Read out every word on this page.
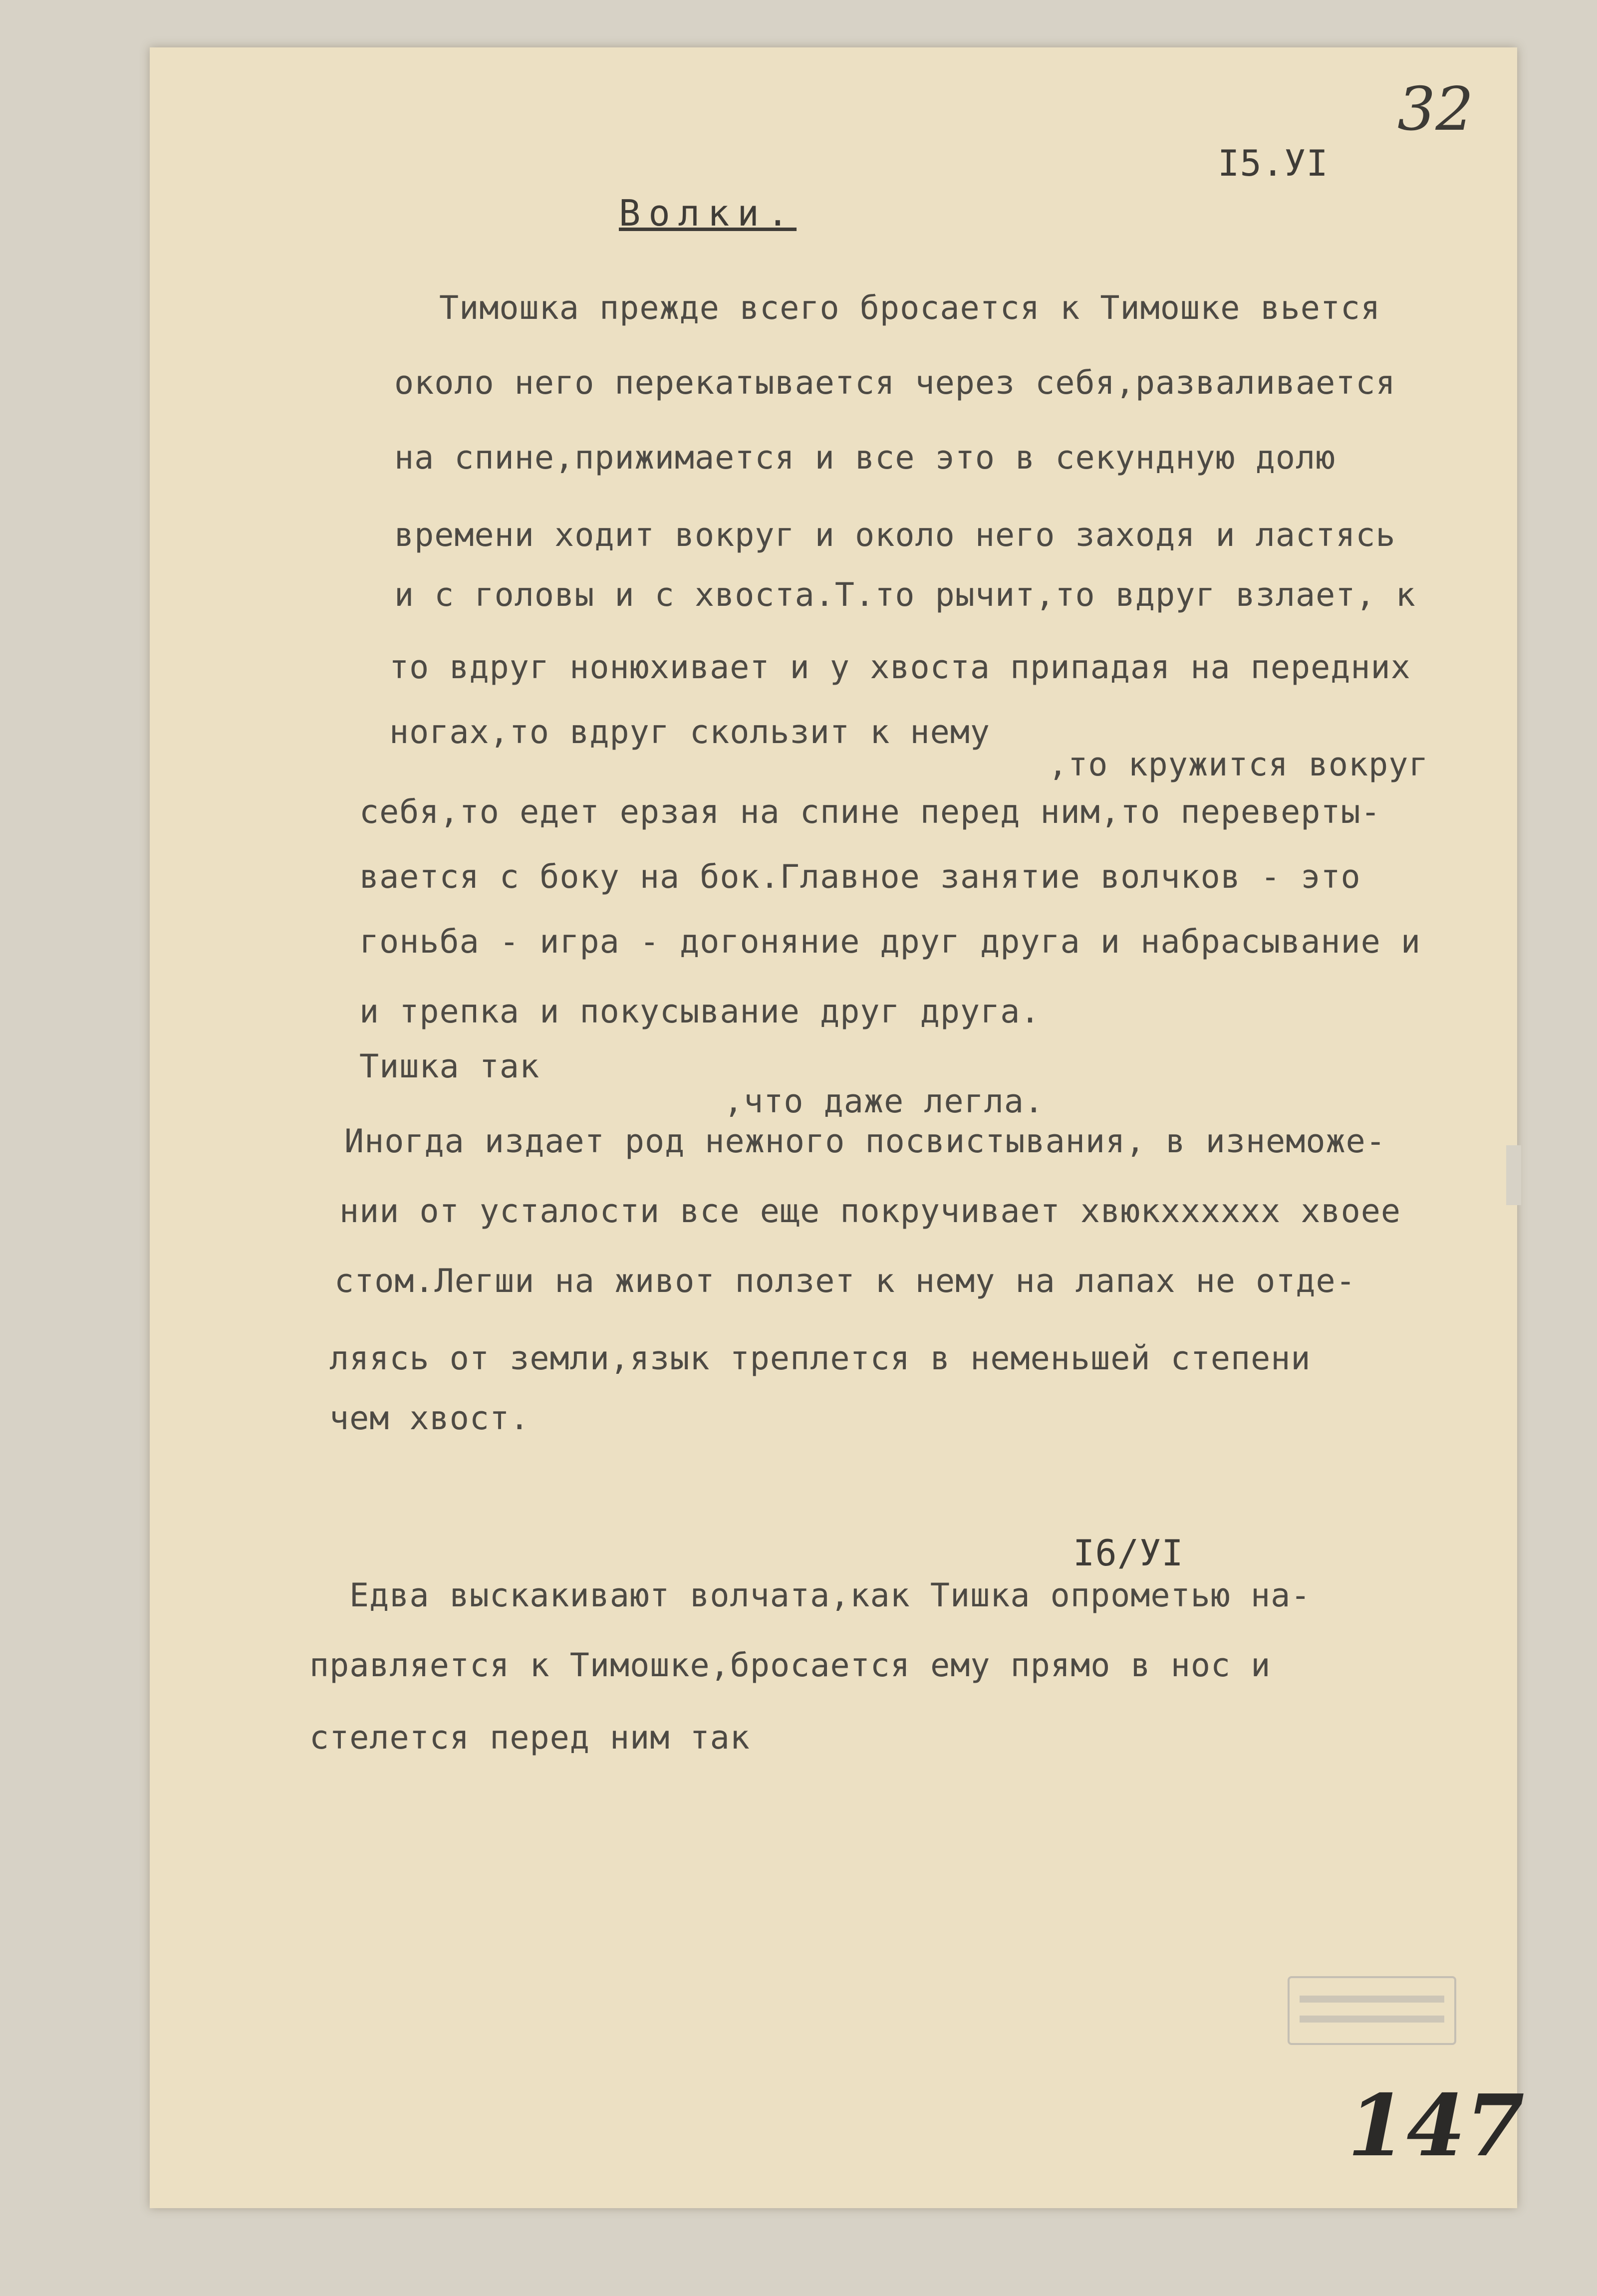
32
I5.УI
Волки.
Тимошка прежде всего бросается к Тимошке вьется
около него перекатывается через себя,разваливается
на спине,прижимается и все это в секундную долю
времени ходит вокруг и около него заходя и ластясь
и с головы и с хвоста.Т.то рычит,то вдруг взлает, к
то вдруг нонюхивает и у хвоста припадая на передних
ногах,то вдруг скользит к нему
,то кружится вокруг
себя,то едет ерзая на спине перед ним,то переверты-
вается с боку на бок.Главное занятие волчков - это
гоньба - игра - догоняние друг друга и набрасывание и
и трепка и покусывание друг друга.
Тишка так
,что даже легла.
Иногда издает род нежного посвистывания, в изнеможе-
нии от усталости все еще покручивает хвюкхххххх хвоее
стом.Легши на живот ползет к нему на лапах не отде-
ляясь от земли,язык треплется в неменьшей степени
чем хвост.
I6/УI
Едва выскакивают волчата,как Тишка опрометью на-
правляется к Тимошке,бросается ему прямо в нос и
стелется перед ним так
147
